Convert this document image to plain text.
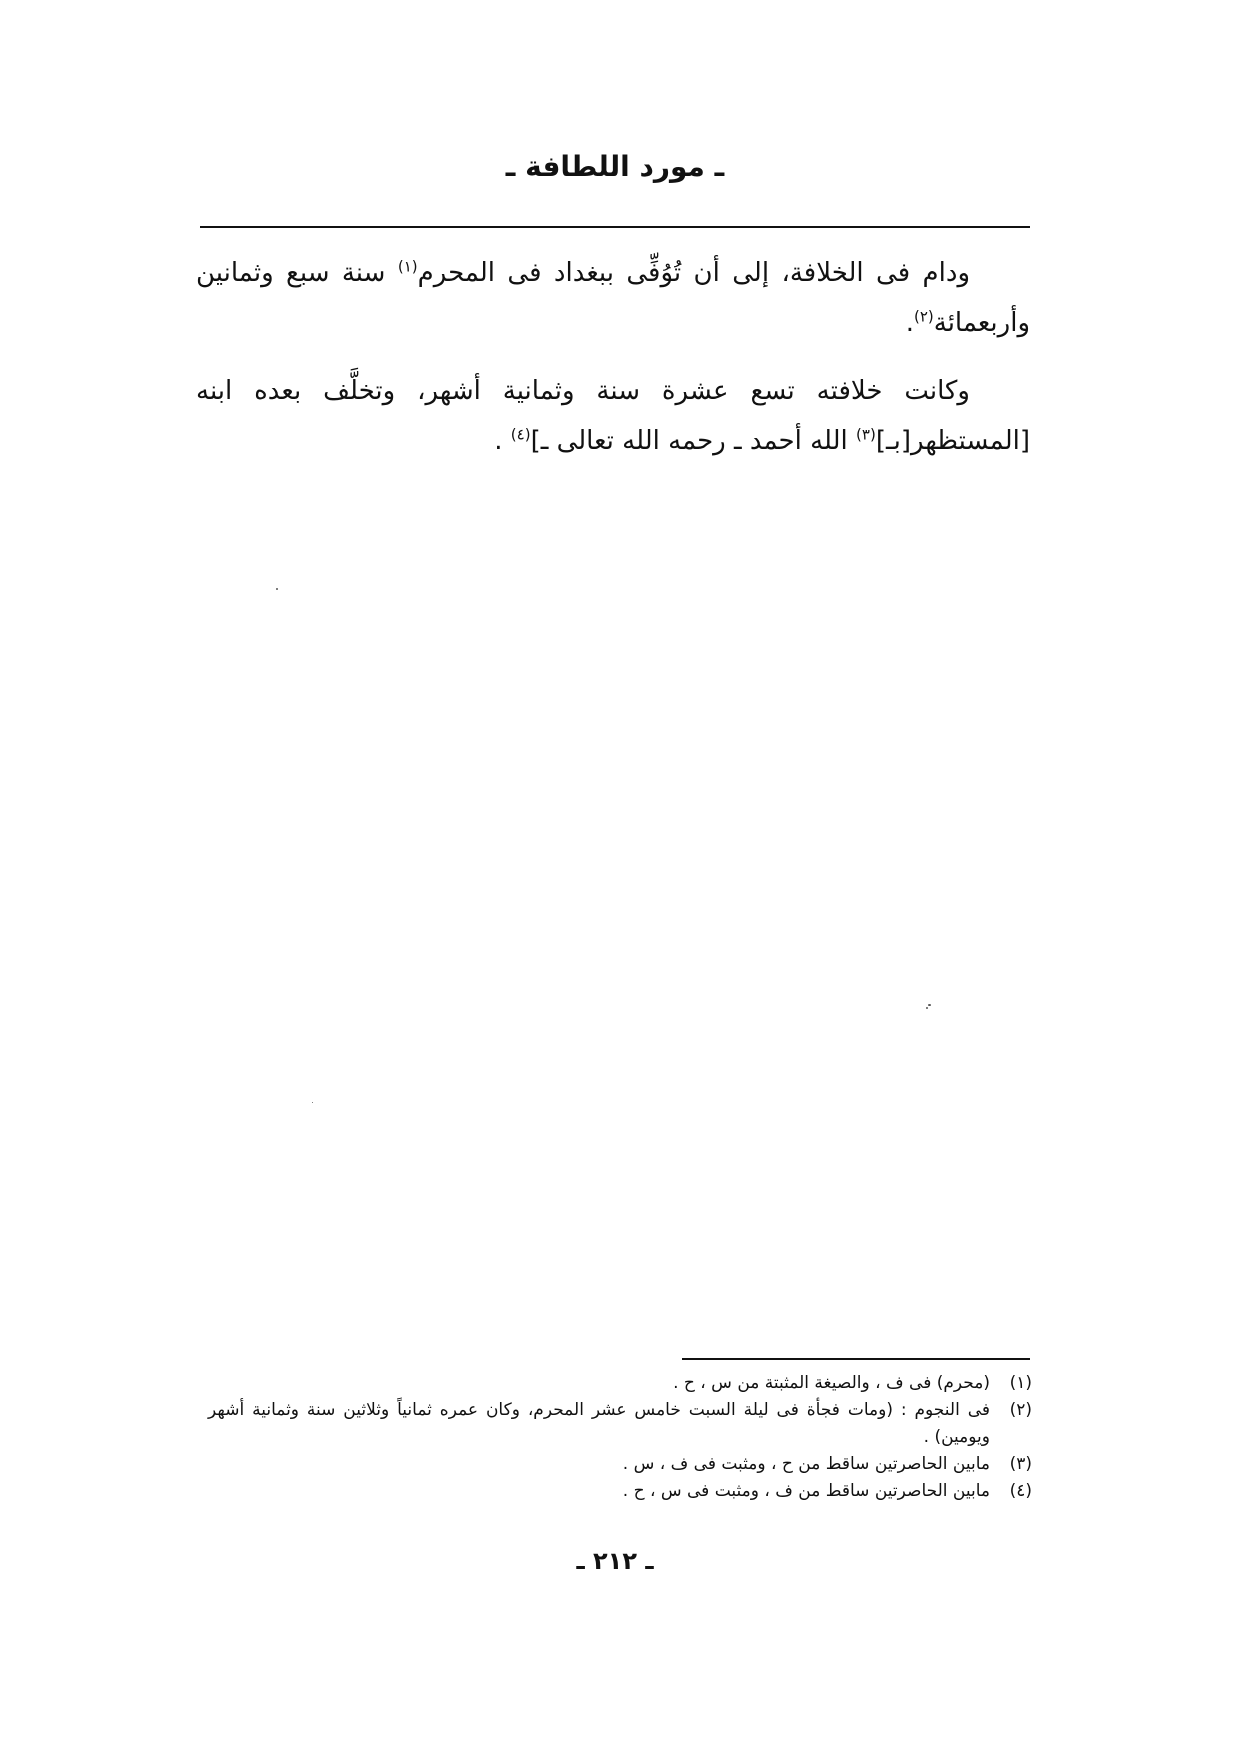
ـ مورد اللطافة ـ

ودام فى الخلافة، إلى أن تُوُفِّى ببغداد فى المحرم$^{(١)}$ سنة سبع وثمانين وأربعمائة$^{(٢)}$.

وكانت خلافته تسع عشرة سنة وثمانية أشهر، وتخلَّف بعده ابنه [المستظهر[بـ]$^{(٣)}$ الله أحمد ـ رحمه الله تعالى ـ]$^{(٤)}$ .

(١)
(محرم) فى ف ، والصيغة المثبتة من س ، ح .
(٢)
فى النجوم : (ومات فجأة فى ليلة السبت خامس عشر المحرم، وكان عمره ثمانياً وثلاثين سنة وثمانية أشهر ويومين) .
(٣)
مابين الحاصرتين ساقط من ح ، ومثبت فى ف ، س .
(٤)
مابين الحاصرتين ساقط من ف ، ومثبت فى س ، ح .
ـ ٢١٢ ـ
